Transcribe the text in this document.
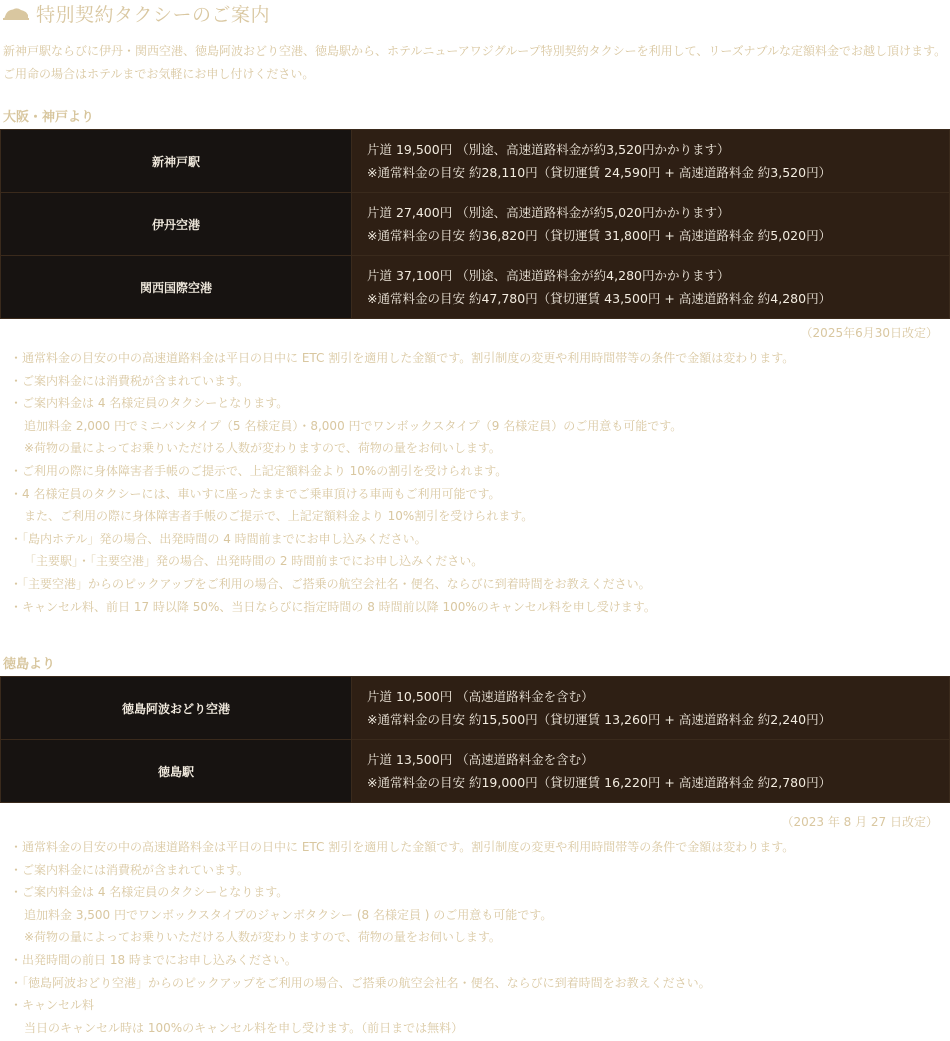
特別契約タクシーのご案内
新神戸駅ならびに伊丹・関西空港、徳島阿波おどり空港、徳島駅から、ホテルニューアワジグループ特別契約タクシーを利用して、リーズナブルな定額料金でお越し頂けます。ご用命の場合はホテルまでお気軽にお申し付けください。
大阪・神戸より
新神戸駅	片道 19,500円 （別途、高速道路料金が約3,520円かかります）
※通常料金の目安 約28,110円（貸切運賃 24,590円 + 高速道路料金 約3,520円）

伊丹空港	片道 27,400円 （別途、高速道路料金が約5,020円かかります）
※通常料金の目安 約36,820円（貸切運賃 31,800円 + 高速道路料金 約5,020円）

関西国際空港	片道 37,100円 （別途、高速道路料金が約4,280円かかります）
※通常料金の目安 約47,780円（貸切運賃 43,500円 + 高速道路料金 約4,280円）
（2025年6月30日改定）
・通常料金の目安の中の高速道路料金は平日の日中に ETC 割引を適用した金額です。割引制度の変更や利用時間帯等の条件で金額は変わります。
・ご案内料金には消費税が含まれています。
・ご案内料金は 4 名様定員のタクシーとなります。
追加料金 2,000 円でミニバンタイプ（5 名様定員）・8,000 円でワンボックスタイプ（9 名様定員）のご用意も可能です。
※荷物の量によってお乗りいただける人数が変わりますので、荷物の量をお伺いします。
・ご利用の際に身体障害者手帳のご提示で、上記定額料金より 10%の割引を受けられます。
・4 名様定員のタクシーには、車いすに座ったままでご乗車頂ける車両もご利用可能です。
また、ご利用の際に身体障害者手帳のご提示で、上記定額料金より 10%割引を受けられます。
・「島内ホテル」発の場合、出発時間の 4 時間前までにお申し込みください。
「主要駅」・「主要空港」発の場合、出発時間の 2 時間前までにお申し込みください。
・「主要空港」からのピックアップをご利用の場合、ご搭乗の航空会社名・便名、ならびに到着時間をお教えください。
・キャンセル料、前日 17 時以降 50%、当日ならびに指定時間の 8 時間前以降 100%のキャンセル料を申し受けます。
徳島より
徳島阿波おどり空港	片道 10,500円 （高速道路料金を含む）
※通常料金の目安 約15,500円（貸切運賃 13,260円 + 高速道路料金 約2,240円）

徳島駅	片道 13,500円 （高速道路料金を含む）
※通常料金の目安 約19,000円（貸切運賃 16,220円 + 高速道路料金 約2,780円）
（2023 年 8 月 27 日改定）
・通常料金の目安の中の高速道路料金は平日の日中に ETC 割引を適用した金額です。割引制度の変更や利用時間帯等の条件で金額は変わります。
・ご案内料金には消費税が含まれています。
・ご案内料金は 4 名様定員のタクシーとなります。
追加料金 3,500 円でワンボックスタイプのジャンボタクシー (8 名様定員 ) のご用意も可能です。
※荷物の量によってお乗りいただける人数が変わりますので、荷物の量をお伺いします。
・出発時間の前日 18 時までにお申し込みください。
・「徳島阿波おどり空港」からのピックアップをご利用の場合、ご搭乗の航空会社名・便名、ならびに到着時間をお教えください。
・キャンセル料
当日のキャンセル時は 100%のキャンセル料を申し受けます。（前日までは無料）
